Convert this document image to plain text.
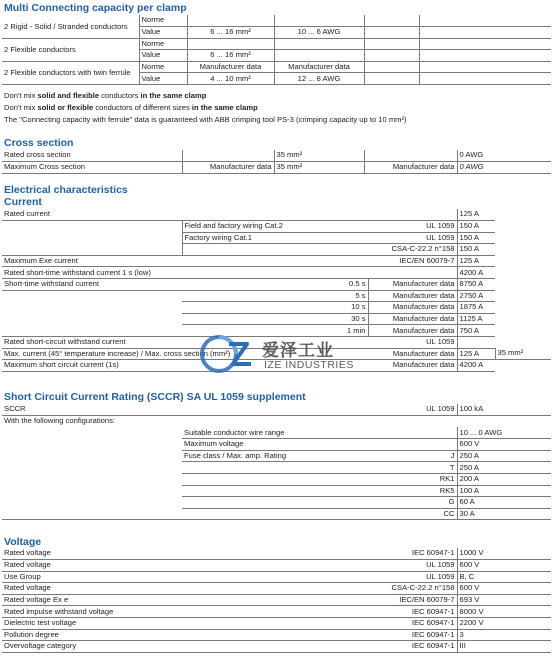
Multi Connecting capacity per clamp
2 Rigid - Solid / Stranded conductors	Norme				
	Value	6 ... 16 mm²	10 ... 6 AWG		
2 Flexible conductors	Norme				
	Value	6 ... 16 mm²			
2 Flexible conductors with twin ferrule	Norme	Manufacturer data	Manufacturer data		
	Value	4 ... 10 mm²	12 ... 8 AWG		
Don't mix solid and flexible conductors in the same clamp
Don't mix solid or flexible conductors of different sizes in the same clamp
The "Connecting capacity with ferrule" data is guaranteed with ABB crimping tool PS-3 (crimping capacity up to 10 mm²)
Cross section
Rated cross section		35 mm²		0 AWG
Maximum Cross section	Manufacturer data	35 mm²	Manufacturer data	0 AWG
Electrical characteristics
Current
Rated current			125 A	
	Field and factory wiring Cat.2	UL 1059	150 A	
	Factory wiring Cat.1	UL 1059	150 A	
		CSA-C-22.2 n°158	150 A	
Maximum Exe current		IEC/EN 60079-7	125 A	
Rated short-time withstand current 1 s (low)			4200 A	
Short-time withstand current	0.5 s	Manufacturer data	8750 A	
	5 s	Manufacturer data	2750 A	
	10 s	Manufacturer data	1875 A	
	30 s	Manufacturer data	1125 A	
	1 min	Manufacturer data	750 A	
Rated short-circuit withstand current		UL 1059		
Max. current (45° temperature increase) / Max. cross section (mm²)		Manufacturer data	125 A	35 mm²
Maximum short circuit current (1s)		Manufacturer data	4200 A	
Short Circuit Current Rating (SCCR) SA UL 1059 supplement
SCCR		UL 1059	100 kA
With the following configurations:			
	Suitable conductor wire range		10 ... 0 AWG
	Maximum voltage		600 V
	Fuse class / Max. amp. Rating	J	250 A
		T	250 A
		RK1	200 A
		RK5	100 A
		G	60 A
		CC	30 A
Voltage
Rated voltage		IEC 60947-1	1000 V
Rated voltage		UL 1059	600 V
Use Group		UL 1059	B, C
Rated voltage		CSA-C-22.2 n°158	600 V
Rated voltage Ex e		IEC/EN 60079-7	693 V
Rated impulse withstand voltage		IEC 60947-1	8000 V
Dielectric test voltage		IEC 60947-1	2200 V
Pollution degree		IEC 60947-1	3
Overvoltage category		IEC 60947-1	III
爱泽工业
IZE INDUSTRIES
